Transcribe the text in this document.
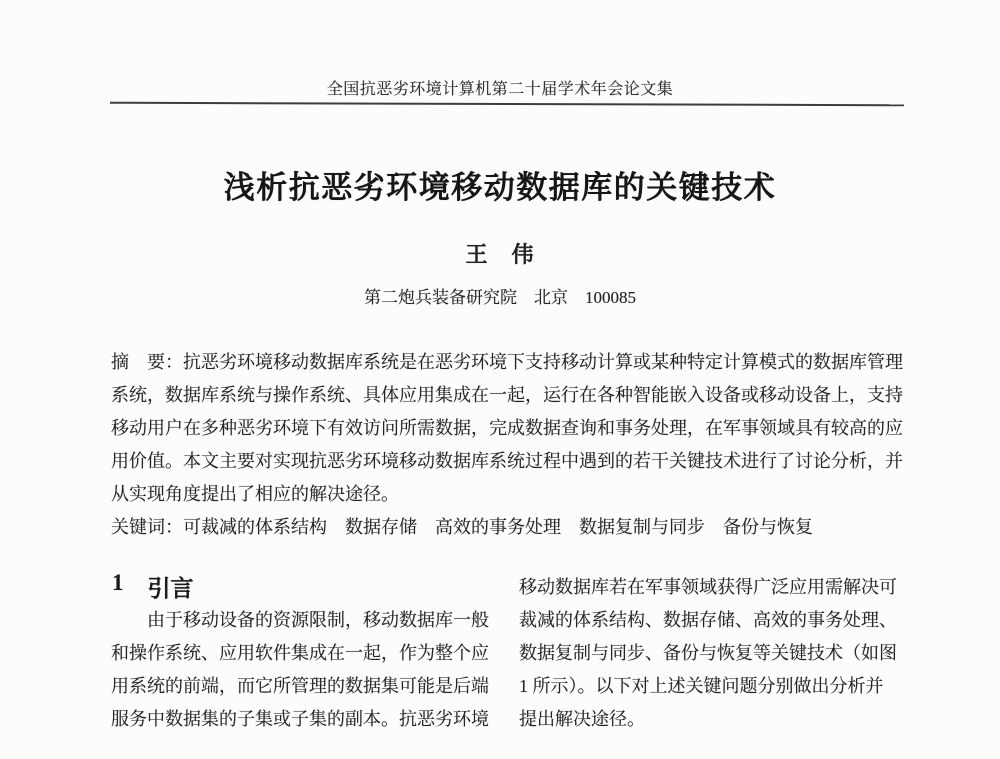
全国抗恶劣环境计算机第二十届学术年会论文集
浅析抗恶劣环境移动数据库的关键技术
王　伟
第二炮兵装备研究院　北京　100085
摘　要：抗恶劣环境移动数据库系统是在恶劣环境下支持移动计算或某种特定计算模式的数据库管理
系统，数据库系统与操作系统、具体应用集成在一起，运行在各种智能嵌入设备或移动设备上，支持
移动用户在多种恶劣环境下有效访问所需数据，完成数据查询和事务处理，在军事领域具有较高的应
用价值。本文主要对实现抗恶劣环境移动数据库系统过程中遇到的若干关键技术进行了讨论分析，并
从实现角度提出了相应的解决途径。
关键词：可裁减的体系结构　数据存储　高效的事务处理　数据复制与同步　备份与恢复
1 引言
由于移动设备的资源限制，移动数据库一般
和操作系统、应用软件集成在一起，作为整个应
用系统的前端，而它所管理的数据集可能是后端
服务中数据集的子集或子集的副本。抗恶劣环境
移动数据库若在军事领域获得广泛应用需解决可
裁减的体系结构、数据存储、高效的事务处理、
数据复制与同步、备份与恢复等关键技术（如图
1 所示）。以下对上述关键问题分别做出分析并
提出解决途径。
